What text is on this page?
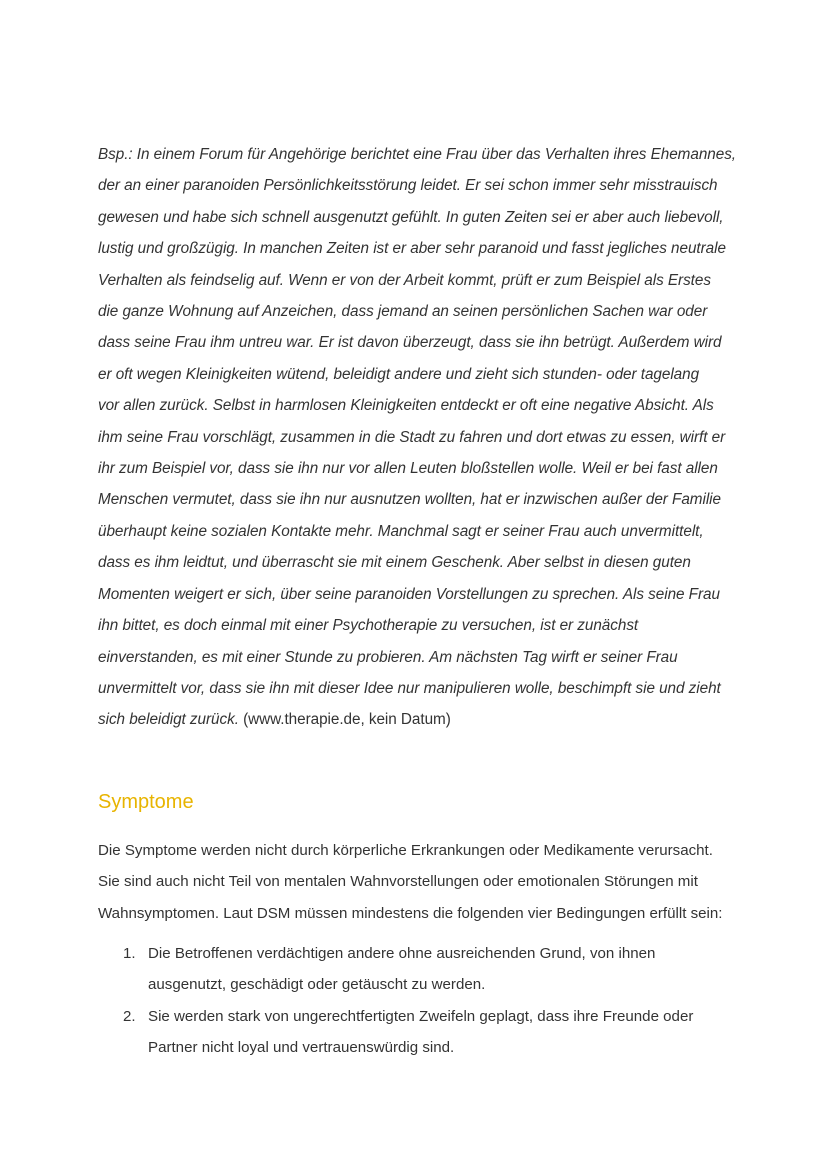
Bsp.: In einem Forum für Angehörige berichtet eine Frau über das Verhalten ihres Ehemannes,
der an einer paranoiden Persönlichkeitsstörung leidet. Er sei schon immer sehr misstrauisch
gewesen und habe sich schnell ausgenutzt gefühlt. In guten Zeiten sei er aber auch liebevoll,
lustig und großzügig. In manchen Zeiten ist er aber sehr paranoid und fasst jegliches neutrale
Verhalten als feindselig auf. Wenn er von der Arbeit kommt, prüft er zum Beispiel als Erstes
die ganze Wohnung auf Anzeichen, dass jemand an seinen persönlichen Sachen war oder
dass seine Frau ihm untreu war. Er ist davon überzeugt, dass sie ihn betrügt. Außerdem wird
er oft wegen Kleinigkeiten wütend, beleidigt andere und zieht sich stunden- oder tagelang
vor allen zurück. Selbst in harmlosen Kleinigkeiten entdeckt er oft eine negative Absicht. Als
ihm seine Frau vorschlägt, zusammen in die Stadt zu fahren und dort etwas zu essen, wirft er
ihr zum Beispiel vor, dass sie ihn nur vor allen Leuten bloßstellen wolle. Weil er bei fast allen
Menschen vermutet, dass sie ihn nur ausnutzen wollten, hat er inzwischen außer der Familie
überhaupt keine sozialen Kontakte mehr. Manchmal sagt er seiner Frau auch unvermittelt,
dass es ihm leidtut, und überrascht sie mit einem Geschenk. Aber selbst in diesen guten
Momenten weigert er sich, über seine paranoiden Vorstellungen zu sprechen. Als seine Frau
ihn bittet, es doch einmal mit einer Psychotherapie zu versuchen, ist er zunächst
einverstanden, es mit einer Stunde zu probieren. Am nächsten Tag wirft er seiner Frau
unvermittelt vor, dass sie ihn mit dieser Idee nur manipulieren wolle, beschimpft sie und zieht
sich beleidigt zurück. (www.therapie.de, kein Datum)
Symptome
Die Symptome werden nicht durch körperliche Erkrankungen oder Medikamente verursacht.
Sie sind auch nicht Teil von mentalen Wahnvorstellungen oder emotionalen Störungen mit
Wahnsymptomen. Laut DSM müssen mindestens die folgenden vier Bedingungen erfüllt sein:
1. Die Betroffenen verdächtigen andere ohne ausreichenden Grund, von ihnen
ausgenutzt, geschädigt oder getäuscht zu werden.
2. Sie werden stark von ungerechtfertigten Zweifeln geplagt, dass ihre Freunde oder
Partner nicht loyal und vertrauenswürdig sind.
